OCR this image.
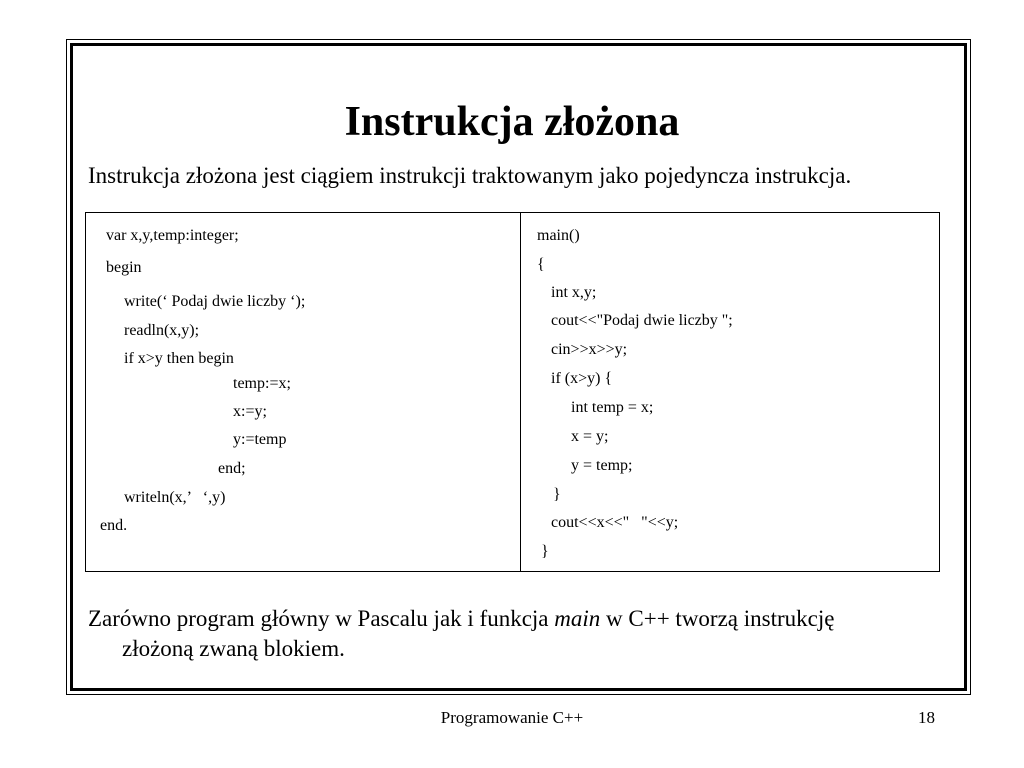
Instrukcja złożona
Instrukcja złożona jest ciągiem instrukcji traktowanym jako pojedyncza instrukcja.
var x,y,temp:integer;
begin
write(‘ Podaj dwie liczby ‘);
readln(x,y);
if x>y then begin
temp:=x;
x:=y;
y:=temp
end;
writeln(x,’   ‘,y)
end.
main()
{
int x,y;
cout<<"Podaj dwie liczby ";
cin>>x>>y;
if (x>y) {
int temp = x;
x = y;
y = temp;
}
cout<<x<<"   "<<y;
}
Zarówno program główny w Pascalu jak i funkcja main w C++ tworzą instrukcję
złożoną zwaną blokiem.
Programowanie C++	18
